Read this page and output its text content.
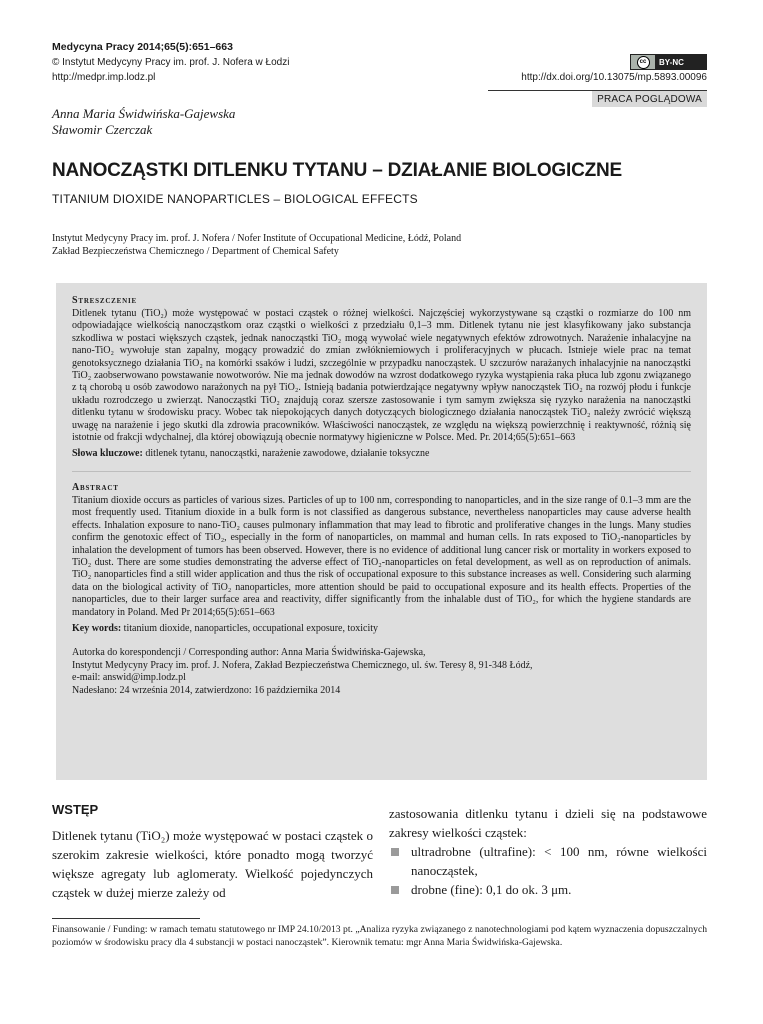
Medycyna Pracy 2014;65(5):651–663
© Instytut Medycyny Pracy im. prof. J. Nofera w Łodzi
http://medpr.imp.lodz.pl
cc	BY-NC
http://dx.doi.org/10.13075/mp.5893.00096
PRACA POGLĄDOWA
Anna Maria Świdwińska-Gajewska
Sławomir Czerczak
NANOCZĄSTKI DITLENKU TYTANU – DZIAŁANIE BIOLOGICZNE
TITANIUM DIOXIDE NANOPARTICLES – BIOLOGICAL EFFECTS
Instytut Medycyny Pracy im. prof. J. Nofera / Nofer Institute of Occupational Medicine, Łódź, Poland
Zakład Bezpieczeństwa Chemicznego / Department of Chemical Safety
Streszczenie

Ditlenek tytanu (TiO₂) może występować w postaci cząstek o różnej wielkości. Najczęściej wykorzystywane są cząstki o rozmiarze do 100 nm odpowiadające wielkością nanocząstkom oraz cząstki o wielkości z przedziału 0,1–3 mm. Ditlenek tytanu nie jest klasyfikowany jako substancja szkodliwa w postaci większych cząstek, jednak nanocząstki TiO₂ mogą wywołać wiele negatywnych efektów zdrowotnych. Narażenie inhalacyjne na nano-TiO₂ wywołuje stan zapalny, mogący prowadzić do zmian zwłókniemiowych i proliferacyjnych w płucach. Istnieje wiele prac na temat genotoksycznego działania TiO₂ na komórki ssaków i ludzi, szczególnie w przypadku nanocząstek. U szczurów narażanych inhalacyjnie na nanocząstki TiO₂ zaobserwowano powstawanie nowotworów. Nie ma jednak dowodów na wzrost dodatkowego ryzyka wystąpienia raka płuca lub zgonu związanego z tą chorobą u osób zawodowo narażonych na pył TiO₂. Istnieją badania potwierdzające negatywny wpływ nanocząstek TiO₂ na rozwój płodu i funkcje układu rozrodczego u zwierząt. Nanocząstki TiO₂ znajdują coraz szersze zastosowanie i tym samym zwiększa się ryzyko narażenia na nanocząstki ditlenku tytanu w środowisku pracy. Wobec tak niepokojących danych dotyczących biologicznego działania nanocząstek TiO₂ należy zwrócić większą uwagę na narażenie i jego skutki dla zdrowia pracowników. Właściwości nanocząstek, ze względu na większą powierzchnię i reaktywność, różnią się istotnie od frakcji wdychalnej, dla której obowiązują obecnie normatywy higieniczne w Polsce. Med. Pr. 2014;65(5):651–663

Słowa kluczowe: ditlenek tytanu, nanocząstki, narażenie zawodowe, działanie toksyczne

Abstract

Titanium dioxide occurs as particles of various sizes. Particles of up to 100 nm, corresponding to nanoparticles, and in the size range of 0.1–3 mm are the most frequently used. Titanium dioxide in a bulk form is not classified as dangerous substance, nevertheless nanoparticles may cause adverse health effects. Inhalation exposure to nano-TiO₂ causes pulmonary inflammation that may lead to fibrotic and proliferative changes in the lungs. Many studies confirm the genotoxic effect of TiO₂, especially in the form of nanoparticles, on mammal and human cells. In rats exposed to TiO₂-nanoparticles by inhalation the development of tumors has been observed. However, there is no evidence of additional lung cancer risk or mortality in workers exposed to TiO₂ dust. There are some studies demonstrating the adverse effect of TiO₂-nanoparticles on fetal development, as well as on reproduction of animals. TiO₂ nanoparticles find a still wider application and thus the risk of occupational exposure to this substance increases as well. Considering such alarming data on the biological activity of TiO₂ nanoparticles, more attention should be paid to occupational exposure and its health effects. Properties of the nanoparticles, due to their larger surface area and reactivity, differ significantly from the inhalable dust of TiO₂, for which the hygiene standards are mandatory in Poland. Med Pr 2014;65(5):651–663

Key words: titanium dioxide, nanoparticles, occupational exposure, toxicity

Autorka do korespondencji / Corresponding author: Anna Maria Świdwińska-Gajewska,
Instytut Medycyny Pracy im. prof. J. Nofera, Zakład Bezpieczeństwa Chemicznego, ul. św. Teresy 8, 91-348 Łódź,
e-mail: answid@imp.lodz.pl
Nadesłano: 24 września 2014, zatwierdzono: 16 października 2014
WSTĘP
Ditlenek tytanu (TiO₂) może występować w postaci cząstek o szerokim zakresie wielkości, które ponadto mogą tworzyć większe agregaty lub aglomeraty. Wielkość pojedynczych cząstek w dużej mierze zależy od
zastosowania ditlenku tytanu i dzieli się na podstawowe zakresy wielkości cząstek:
ultradrobne (ultrafine): < 100 nm, równe wielkości nanocząstek,
drobne (fine): 0,1 do ok. 3 μm.
Finansowanie / Funding: w ramach tematu statutowego nr IMP 24.10/2013 pt. „Analiza ryzyka związanego z nanotechnologiami pod kątem wyznaczenia dopuszczalnych poziomów w środowisku pracy dla 4 substancji w postaci nanocząstek”. Kierownik tematu: mgr Anna Maria Świdwińska-Gajewska.
